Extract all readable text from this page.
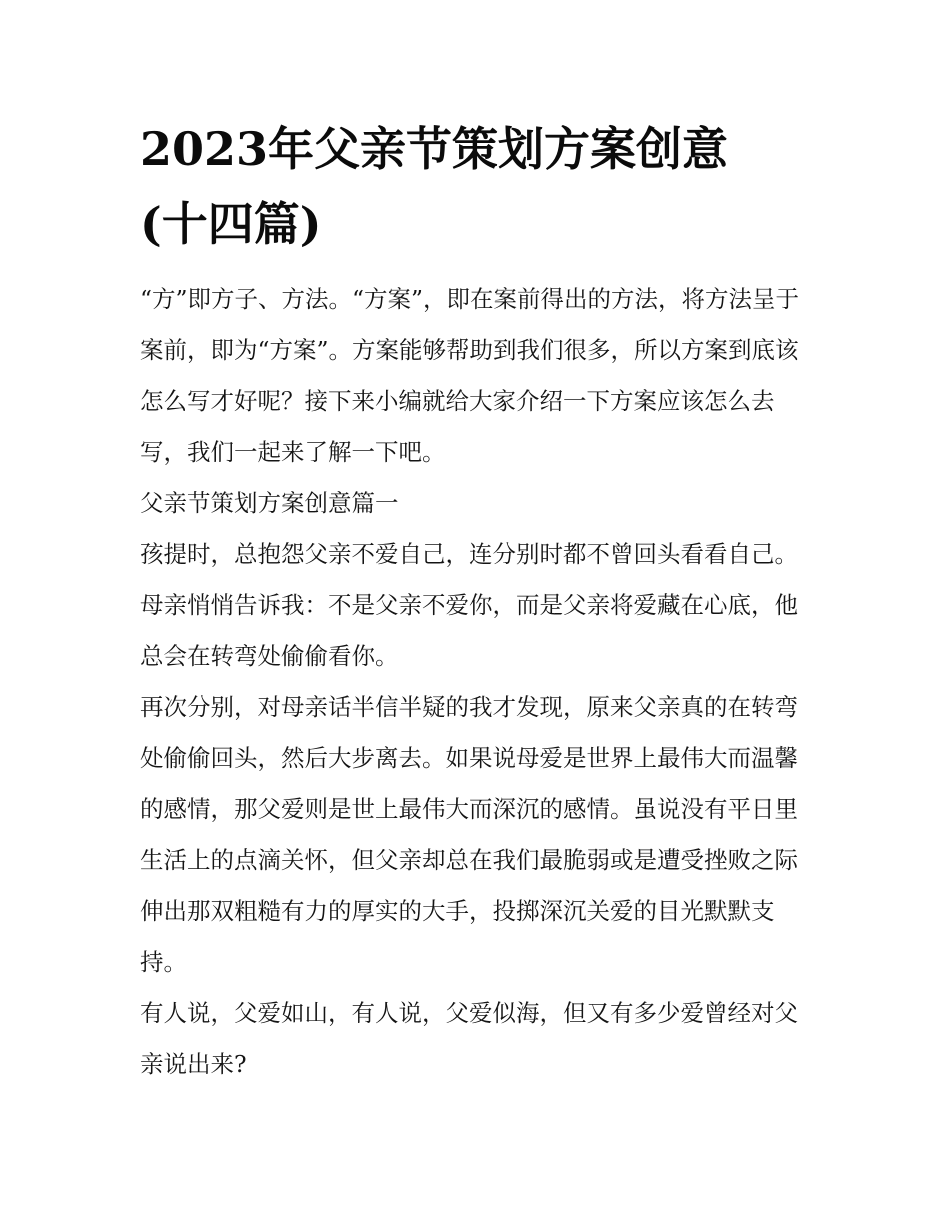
2023年父亲节策划方案创意
(十四篇)

“方”即方子、方法。“方案”，即在案前得出的方法，将方法呈于案前，即为“方案”。方案能够帮助到我们很多，所以方案到底该怎么写才好呢？接下来小编就给大家介绍一下方案应该怎么去写，我们一起来了解一下吧。

父亲节策划方案创意篇一

孩提时，总抱怨父亲不爱自己，连分别时都不曾回头看看自己。母亲悄悄告诉我：不是父亲不爱你，而是父亲将爱藏在心底，他总会在转弯处偷偷看你。

再次分别，对母亲话半信半疑的我才发现，原来父亲真的在转弯处偷偷回头，然后大步离去。如果说母爱是世界上最伟大而温馨的感情，那父爱则是世上最伟大而深沉的感情。虽说没有平日里生活上的点滴关怀，但父亲却总在我们最脆弱或是遭受挫败之际伸出那双粗糙有力的厚实的大手，投掷深沉关爱的目光默默支持。

有人说，父爱如山，有人说，父爱似海，但又有多少爱曾经对父亲说出来?
